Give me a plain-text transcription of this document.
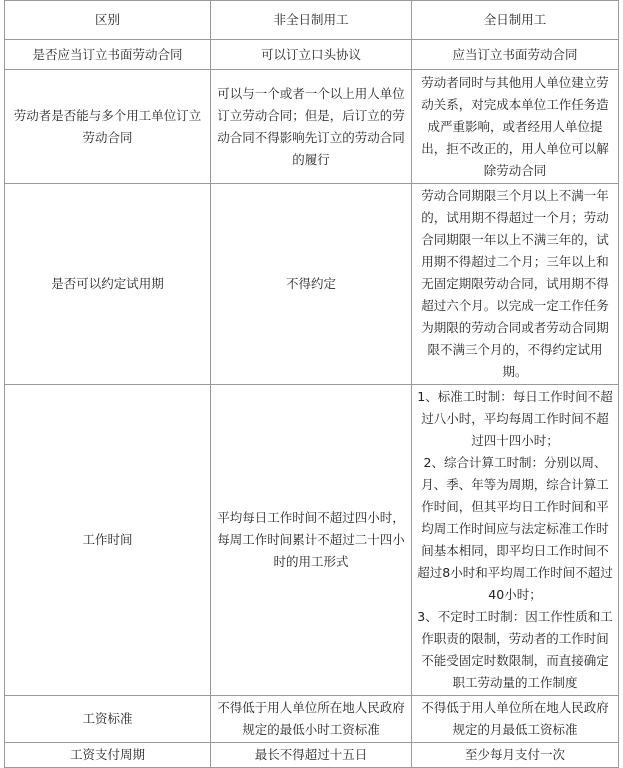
区别	非全日制用工	全日制用工
是否应当订立书面劳动合同	可以订立口头协议	应当订立书面劳动合同
劳动者是否能与多个用工单位订立劳动合同	可以与一个或者一个以上用人单位订立劳动合同；但是，后订立的劳动合同不得影响先订立的劳动合同的履行	劳动者同时与其他用人单位建立劳动关系，对完成本单位工作任务造成严重影响，或者经用人单位提出，拒不改正的，用人单位可以解除劳动合同
是否可以约定试用期	不得约定	劳动合同期限三个月以上不满一年的，试用期不得超过一个月；劳动合同期限一年以上不满三年的，试用期不得超过二个月；三年以上和无固定期限劳动合同，试用期不得超过六个月。以完成一定工作任务为期限的劳动合同或者劳动合同期限不满三个月的，不得约定试用期。
工作时间	平均每日工作时间不超过四小时，每周工作时间累计不超过二十四小时的用工形式	1、标准工时制：每日工作时间不超过八小时，平均每周工作时间不超过四十四小时；
2、综合计算工时制：分别以周、月、季、年等为周期，综合计算工作时间，但其平均日工作时间和平均周工作时间应与法定标准工作时间基本相同，即平均日工作时间不超过8小时和平均周工作时间不超过40小时；
3、不定时工时制：因工作性质和工作职责的限制，劳动者的工作时间不能受固定时数限制，而直接确定职工劳动量的工作制度

工资标准	不得低于用人单位所在地人民政府规定的最低小时工资标准	不得低于用人单位所在地人民政府规定的月最低工资标准
工资支付周期	最长不得超过十五日	至少每月支付一次
